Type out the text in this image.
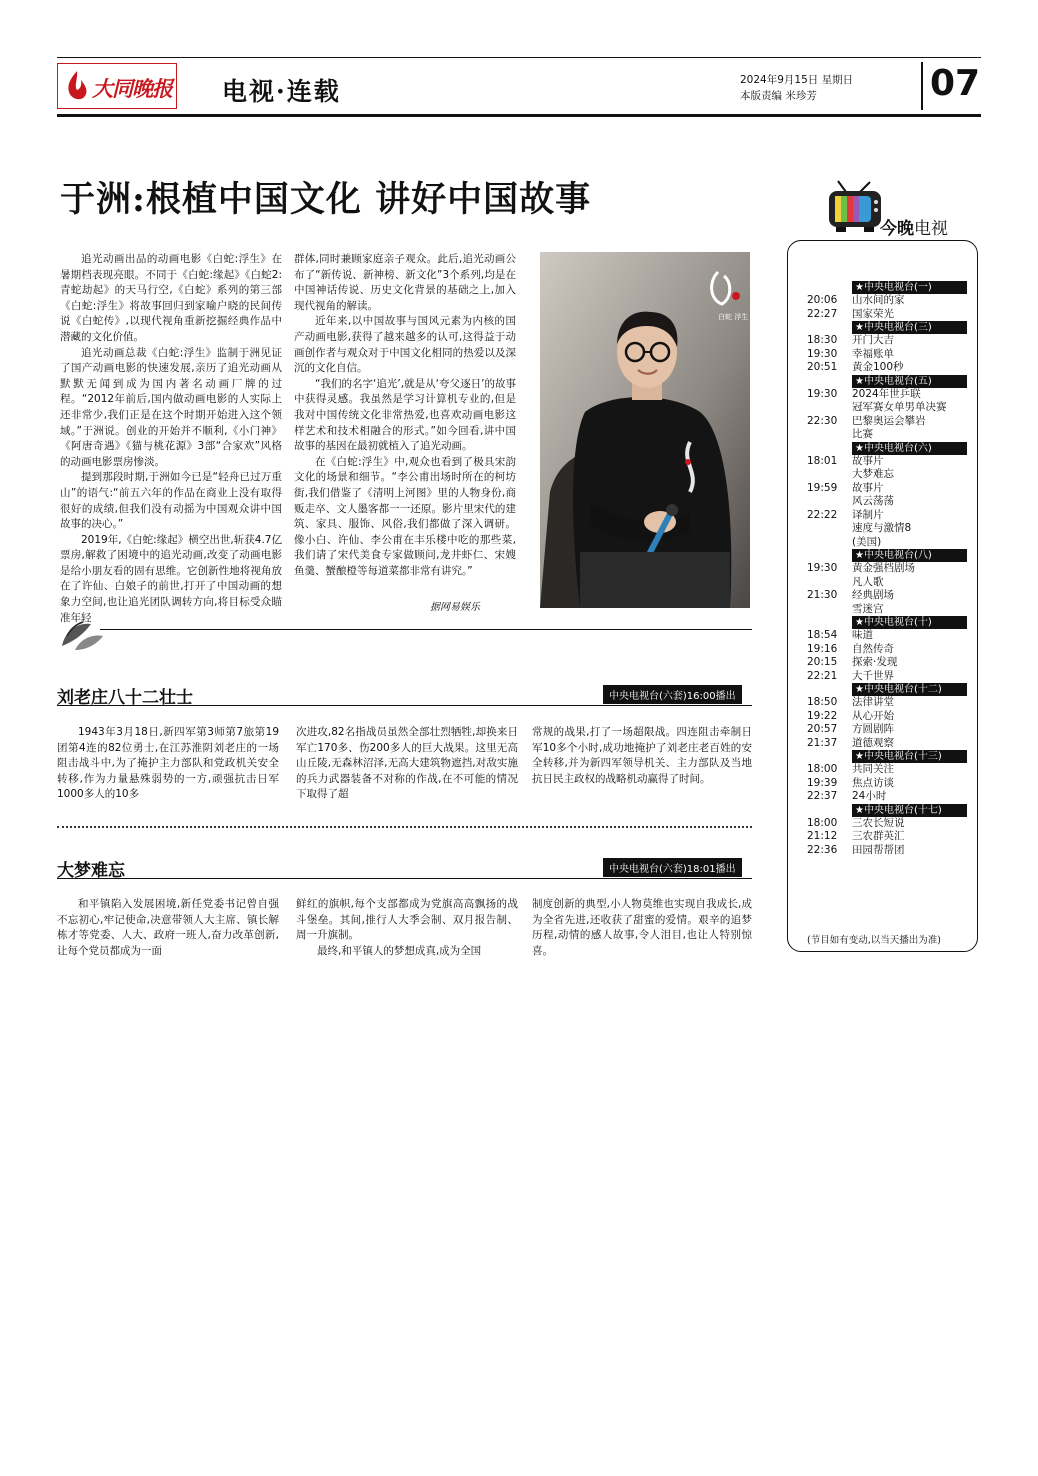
大同晚报 电视·连载	2024年9月15日 星期日
本版责编 米珍芳	07
于洲:根植中国文化 讲好中国故事

追光动画出品的动画电影《白蛇:浮生》在暑期档表现亮眼。不同于《白蛇:缘起》《白蛇2:青蛇劫起》的天马行空,《白蛇》系列的第三部《白蛇:浮生》将故事回归到家喻户晓的民间传说《白蛇传》,以现代视角重新挖掘经典作品中潜藏的文化价值。

追光动画总裁《白蛇:浮生》监制于洲见证了国产动画电影的快速发展,亲历了追光动画从默默无闻到成为国内著名动画厂牌的过程。“2012年前后,国内做动画电影的人实际上还非常少,我们正是在这个时期开始进入这个领域。”于洲说。创业的开始并不顺利,《小门神》《阿唐奇遇》《猫与桃花源》3部“合家欢”风格的动画电影票房惨淡。

提到那段时期,于洲如今已是“轻舟已过万重山”的语气:“前五六年的作品在商业上没有取得很好的成绩,但我们没有动摇为中国观众讲中国故事的决心。”

2019年,《白蛇:缘起》横空出世,斩获4.7亿票房,解救了困境中的追光动画,改变了动画电影是给小朋友看的固有思维。它创新性地将视角放在了许仙、白娘子的前世,打开了中国动画的想象力空间,也让追光团队调转方向,将目标受众瞄准年轻

群体,同时兼顾家庭亲子观众。此后,追光动画公布了“新传说、新神榜、新文化”3个系列,均是在中国神话传说、历史文化背景的基础之上,加入现代视角的解读。

近年来,以中国故事与国风元素为内核的国产动画电影,获得了越来越多的认可,这得益于动画创作者与观众对于中国文化相同的热爱以及深沉的文化自信。

“我们的名字‘追光’,就是从‘夸父逐日’的故事中获得灵感。我虽然是学习计算机专业的,但是我对中国传统文化非常热爱,也喜欢动画电影这样艺术和技术相融合的形式。”如今回看,讲中国故事的基因在最初就植入了追光动画。

在《白蛇:浮生》中,观众也看到了极具宋韵文化的场景和细节。“李公甫出场时所在的柯坊街,我们借鉴了《清明上河图》里的人物身份,商贩走卒、文人墨客都一一还原。影片里宋代的建筑、家具、服饰、风俗,我们都做了深入调研。像小白、许仙、李公甫在丰乐楼中吃的那些菜,我们请了宋代美食专家做顾问,龙井虾仁、宋嫂鱼羹、蟹酿橙等每道菜都非常有讲究。”

白蛇 浮生
据网易娱乐
刘老庄八十二壮士	中央电视台(六套)16:00播出

1943年3月18日,新四军第3师第7旅第19团第4连的82位勇士,在江苏淮阴刘老庄的一场阻击战斗中,为了掩护主力部队和党政机关安全转移,作为力量悬殊弱势的一方,顽强抗击日军1000多人的10多

次进攻,82名指战员虽然全部壮烈牺牲,却换来日军亡170多、伤200多人的巨大战果。这里无高山丘陵,无森林沼泽,无高大建筑物遮挡,对敌实施的兵力武器装备不对称的作战,在不可能的情况下取得了超

常规的战果,打了一场超限战。四连阻击牵制日军10多个小时,成功地掩护了刘老庄老百姓的安全转移,并为新四军领导机关、主力部队及当地抗日民主政权的战略机动赢得了时间。

大梦难忘	中央电视台(六套)18:01播出

和平镇陷入发展困境,新任党委书记曾自强不忘初心,牢记使命,决意带领人大主席、镇长解栋才等党委、人大、政府一班人,奋力改革创新,让每个党员都成为一面

鲜红的旗帜,每个支部都成为党旗高高飘扬的战斗堡垒。其间,推行人大季会制、双月报告制、周一升旗制。

最终,和平镇人的梦想成真,成为全国

制度创新的典型,小人物莫维也实现自我成长,成为全省先进,还收获了甜蜜的爱情。艰辛的追梦历程,动情的感人故事,令人泪目,也让人特别惊喜。

今晚电视
★中央电视台(一)
20:06	山水间的家
22:27	国家荣光
★中央电视台(三)
18:30	开门大吉
19:30	幸福账单
20:51	黄金100秒
★中央电视台(五)
19:30	2024年世乒联
冠军赛女单男单决赛
22:30	巴黎奥运会攀岩
比赛
★中央电视台(六)
18:01	故事片
大梦难忘
19:59	故事片
风云荡荡
22:22	译制片
速度与激情8
(美国)
★中央电视台(八)
19:30	黄金强档剧场
凡人歌
21:30	经典剧场
雪迷宫
★中央电视台(十)
18:54	味道
19:16	自然传奇
20:15	探索·发现
22:21	大千世界
★中央电视台(十二)
18:50	法律讲堂
19:22	从心开始
20:57	方圆剧阵
21:37	道德观察
★中央电视台(十三)
18:00	共同关注
19:39	焦点访谈
22:37	24小时
★中央电视台(十七)
18:00	三农长短说
21:12	三农群英汇
22:36	田园帮帮团
(节目如有变动,以当天播出为准)
